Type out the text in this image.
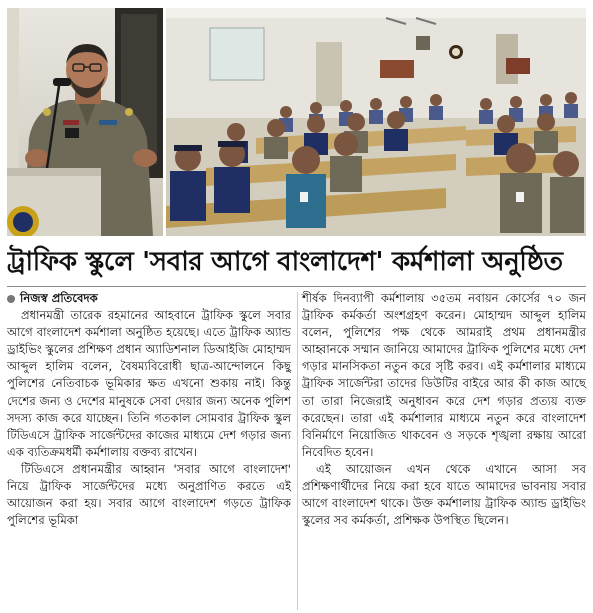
ট্রাফিক স্কুলে 'সবার আগে বাংলাদেশ' কর্মশালা অনুষ্ঠিত

নিজস্ব প্রতিবেদক

প্রধানমন্ত্রী তারেক রহমানের আহবানে ট্রাফিক স্কুলে সবার আগে বাংলাদেশ কর্মশালা অনুষ্ঠিত হয়েছে। এতে ট্রাফিক অ্যান্ড ড্রাইভিং স্কুলের প্রশিক্ষণ প্রধান অ্যাডিশনাল ডিআইজি মোহাম্মদ আব্দুল হালিম বলেন, বৈষম্যবিরোধী ছাত্র-আন্দোলনে কিছু পুলিশের নেতিবাচক ভূমিকার ক্ষত এখনো শুকায় নাই। কিন্তু দেশের জন্য ও দেশের মানুষকে সেবা দেয়ার জন্য অনেক পুলিশ সদস্য কাজ করে যাচ্ছেন। তিনি গতকাল সোমবার ট্রাফিক স্কুল টিডিএসে ট্রাফিক সার্জেন্টদের কাজের মাধ্যমে দেশ গড়ার জন্য এক ব্যতিক্রমধর্মী কর্মশালায় বক্তব্য রাখেন।

টিডিএসে প্রধানমন্ত্রীর আহ্বান 'সবার আগে বাংলাদেশ' নিয়ে ট্রাফিক সার্জেন্টদের মধ্যে অনুপ্রাণিত করতে এই আয়োজন করা হয়। সবার আগে বাংলাদেশ গড়তে ট্রাফিক পুলিশের ভূমিকা

শীর্ষক দিনব্যাপী কর্মশালায় ৩৫তম নবায়ন কোর্সের ৭০ জন ট্রাফিক কর্মকর্তা অংশগ্রহণ করেন। মোহাম্মদ আব্দুল হালিম বলেন, পুলিশের পক্ষ থেকে আমরাই প্রথম প্রধানমন্ত্রীর আহ্বানকে সম্মান জানিয়ে আমাদের ট্রাফিক পুলিশের মধ্যে দেশ গড়ার মানসিকতা নতুন করে সৃষ্টি করব। এই কর্মশালার মাধ্যমে ট্রাফিক সার্জেন্টরা তাদের ডিউটির বাইরে আর কী কাজ আছে তা তারা নিজেরাই অনুধাবন করে দেশ গড়ার প্রত্যয় ব্যক্ত করেছেন। তারা এই কর্মশালার মাধ্যমে নতুন করে বাংলাদেশ বিনির্মাণে নিয়োজিত থাকবেন ও সড়কে শৃঙ্খলা রক্ষায় আরো নিবেদিত হবেন।

এই আয়োজন এখন থেকে এখানে আসা সব প্রশিক্ষণার্থীদের নিয়ে করা হবে যাতে আমাদের ভাবনায় সবার আগে বাংলাদেশ থাকে। উক্ত কর্মশালায় ট্রাফিক অ্যান্ড ড্রাইভিং স্কুলের সব কর্মকর্তা, প্রশিক্ষক উপস্থিত ছিলেন।
